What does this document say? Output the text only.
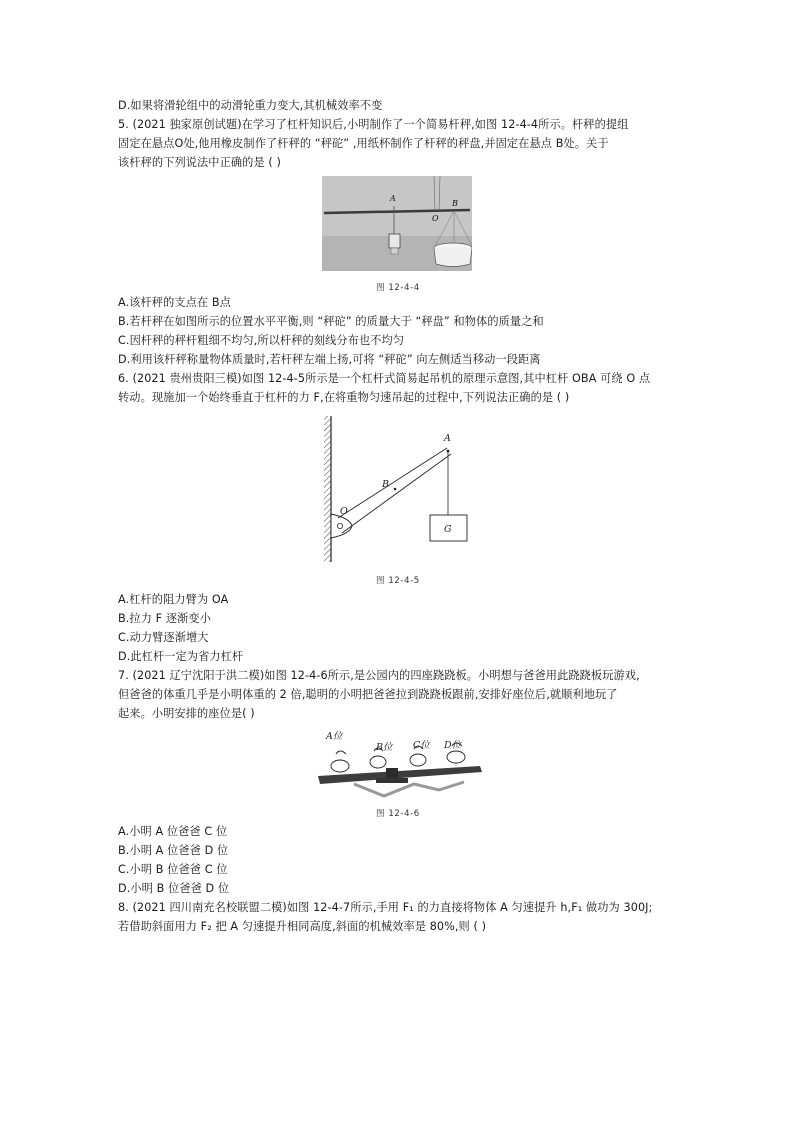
D.如果将滑轮组中的动滑轮重力变大,其机械效率不变
5. (2021 独家原创试题)在学习了杠杆知识后,小明制作了一个简易杆秤,如图 12-4-4所示。杆秤的提组
固定在悬点O处,他用橡皮制作了杆秤的 “秤砣” ,用纸杯制作了杆秤的秤盘,并固定在悬点 B处。关于
该杆秤的下列说法中正确的是 ( )
A
O
B
图 12-4-4
A.该杆秤的支点在 B点
B.若杆秤在如图所示的位置水平平衡,则 “秤砣” 的质量大于 “秤盘” 和物体的质量之和
C.因杆秤的秤杆粗细不均匀,所以杆秤的刻线分布也不均匀
D.利用该杆秤称量物体质量时,若杆秤左端上扬,可将 “秤砣” 向左侧适当移动一段距离
6. (2021 贵州贵阳三模)如图 12-4-5所示是一个杠杆式简易起吊机的原理示意图,其中杠杆 OBA 可绕 O 点
转动。现施加一个始终垂直于杠杆的力 F,在将重物匀速吊起的过程中,下列说法正确的是 ( )
A
B
O
G
图 12-4-5
A.杠杆的阻力臂为 OA
B.拉力 F 逐渐变小
C.动力臂逐渐增大
D.此杠杆一定为省力杠杆
7. (2021 辽宁沈阳于洪二模)如图 12-4-6所示,是公园内的四座跷跷板。小明想与爸爸用此跷跷板玩游戏,
但爸爸的体重几乎是小明体重的 2 倍,聪明的小明把爸爸拉到跷跷板跟前,安排好座位后,就顺利地玩了
起来。小明安排的座位是( )
A位
B位 C位 D位
图 12-4-6
A.小明 A 位爸爸 C 位
B.小明 A 位爸爸 D 位
C.小明 B 位爸爸 C 位
D.小明 B 位爸爸 D 位
8. (2021 四川南充名校联盟二模)如图 12-4-7所示,手用 F₁ 的力直接将物体 A 匀速提升 h,F₁ 做功为 300J;
若借助斜面用力 F₂ 把 A 匀速提升相同高度,斜面的机械效率是 80%,则 ( )
